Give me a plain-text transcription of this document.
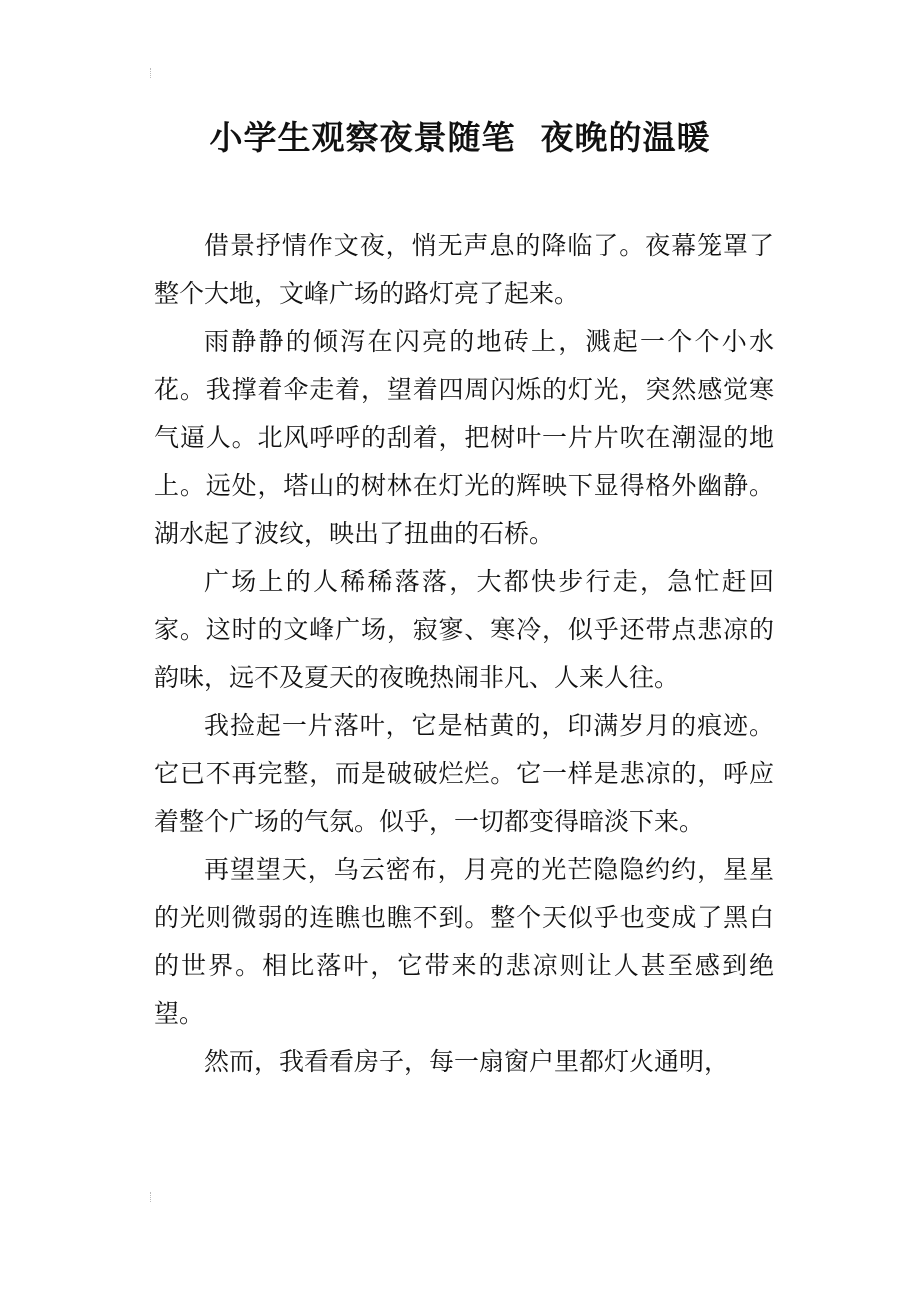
小学生观察夜景随笔  夜晚的温暖

借景抒情作文夜，悄无声息的降临了。夜幕笼罩了整个大地，文峰广场的路灯亮了起来。

雨静静的倾泻在闪亮的地砖上，溅起一个个小水花。我撑着伞走着，望着四周闪烁的灯光，突然感觉寒气逼人。北风呼呼的刮着，把树叶一片片吹在潮湿的地上。远处，塔山的树林在灯光的辉映下显得格外幽静。湖水起了波纹，映出了扭曲的石桥。

广场上的人稀稀落落，大都快步行走，急忙赶回家。这时的文峰广场，寂寥、寒冷，似乎还带点悲凉的韵味，远不及夏天的夜晚热闹非凡、人来人往。

我捡起一片落叶，它是枯黄的，印满岁月的痕迹。它已不再完整，而是破破烂烂。它一样是悲凉的，呼应着整个广场的气氛。似乎，一切都变得暗淡下来。

再望望天，乌云密布，月亮的光芒隐隐约约，星星的光则微弱的连瞧也瞧不到。整个天似乎也变成了黑白的世界。相比落叶，它带来的悲凉则让人甚至感到绝望。

然而，我看看房子，每一扇窗户里都灯火通明，
